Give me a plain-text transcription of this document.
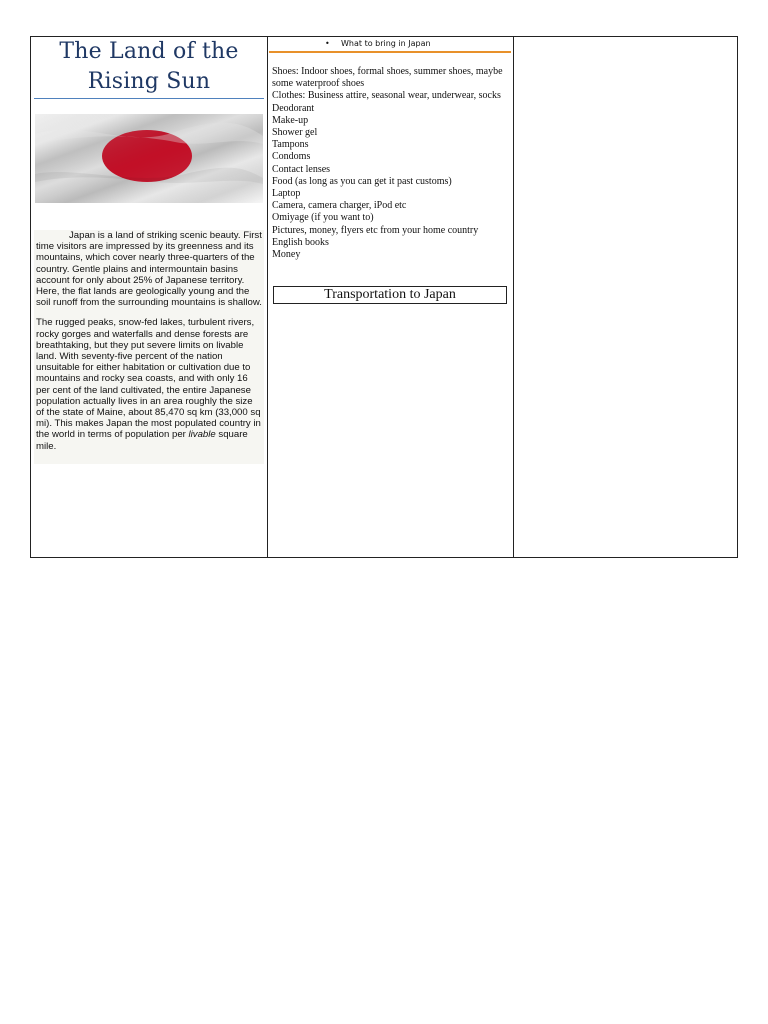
The Land of the
Rising Sun

Japan is a land of striking scenic beauty. First time visitors are impressed by its greenness and its mountains, which cover nearly three-quarters of the country. Gentle plains and intermountain basins account for only about 25% of Japanese territory. Here, the flat lands are geologically young and the soil runoff from the surrounding mountains is shallow.

The rugged peaks, snow-fed lakes, turbulent rivers, rocky gorges and waterfalls and dense forests are breathtaking, but they put severe limits on livable land. With seventy-five percent of the nation unsuitable for either habitation or cultivation due to mountains and rocky sea coasts, and with only 16 per cent of the land cultivated, the entire Japanese population actually lives in an area roughly the size of the state of Maine, about 85,470 sq km (33,000 sq mi). This makes Japan the most populated country in the world in terms of population per livable square mile.

• What to bring in Japan
Shoes: Indoor shoes, formal shoes, summer shoes, maybe some waterproof shoes
Clothes: Business attire, seasonal wear, underwear, socks
Deodorant
Make-up
Shower gel
Tampons
Condoms
Contact lenses
Food (as long as you can get it past customs)
Laptop
Camera, camera charger, iPod etc
Omiyage (if you want to)
Pictures, money, flyers etc from your home country
English books
Money
Transportation to Japan
